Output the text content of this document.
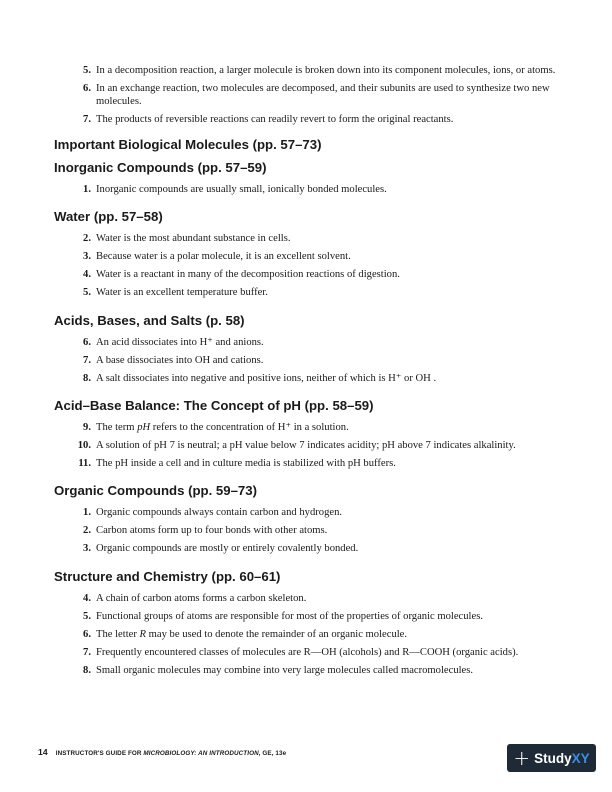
5. In a decomposition reaction, a larger molecule is broken down into its component molecules, ions, or atoms.
6. In an exchange reaction, two molecules are decomposed, and their subunits are used to synthesize two new molecules.
7. The products of reversible reactions can readily revert to form the original reactants.
Important Biological Molecules (pp. 57–73)
Inorganic Compounds (pp. 57–59)
1. Inorganic compounds are usually small, ionically bonded molecules.
Water (pp. 57–58)
2. Water is the most abundant substance in cells.
3. Because water is a polar molecule, it is an excellent solvent.
4. Water is a reactant in many of the decomposition reactions of digestion.
5. Water is an excellent temperature buffer.
Acids, Bases, and Salts (p. 58)
6. An acid dissociates into H⁺ and anions.
7. A base dissociates into OH and cations.
8. A salt dissociates into negative and positive ions, neither of which is H⁺ or OH .
Acid–Base Balance: The Concept of pH (pp. 58–59)
9. The term pH refers to the concentration of H⁺ in a solution.
10. A solution of pH 7 is neutral; a pH value below 7 indicates acidity; pH above 7 indicates alkalinity.
11. The pH inside a cell and in culture media is stabilized with pH buffers.
Organic Compounds (pp. 59–73)
1. Organic compounds always contain carbon and hydrogen.
2. Carbon atoms form up to four bonds with other atoms.
3. Organic compounds are mostly or entirely covalently bonded.
Structure and Chemistry (pp. 60–61)
4. A chain of carbon atoms forms a carbon skeleton.
5. Functional groups of atoms are responsible for most of the properties of organic molecules.
6. The letter R may be used to denote the remainder of an organic molecule.
7. Frequently encountered classes of molecules are R—OH (alcohols) and R—COOH (organic acids).
8. Small organic molecules may combine into very large molecules called macromolecules.
14 INSTRUCTOR'S GUIDE FOR MICROBIOLOGY: AN INTRODUCTION, GE, 13e	+ StudyXY
